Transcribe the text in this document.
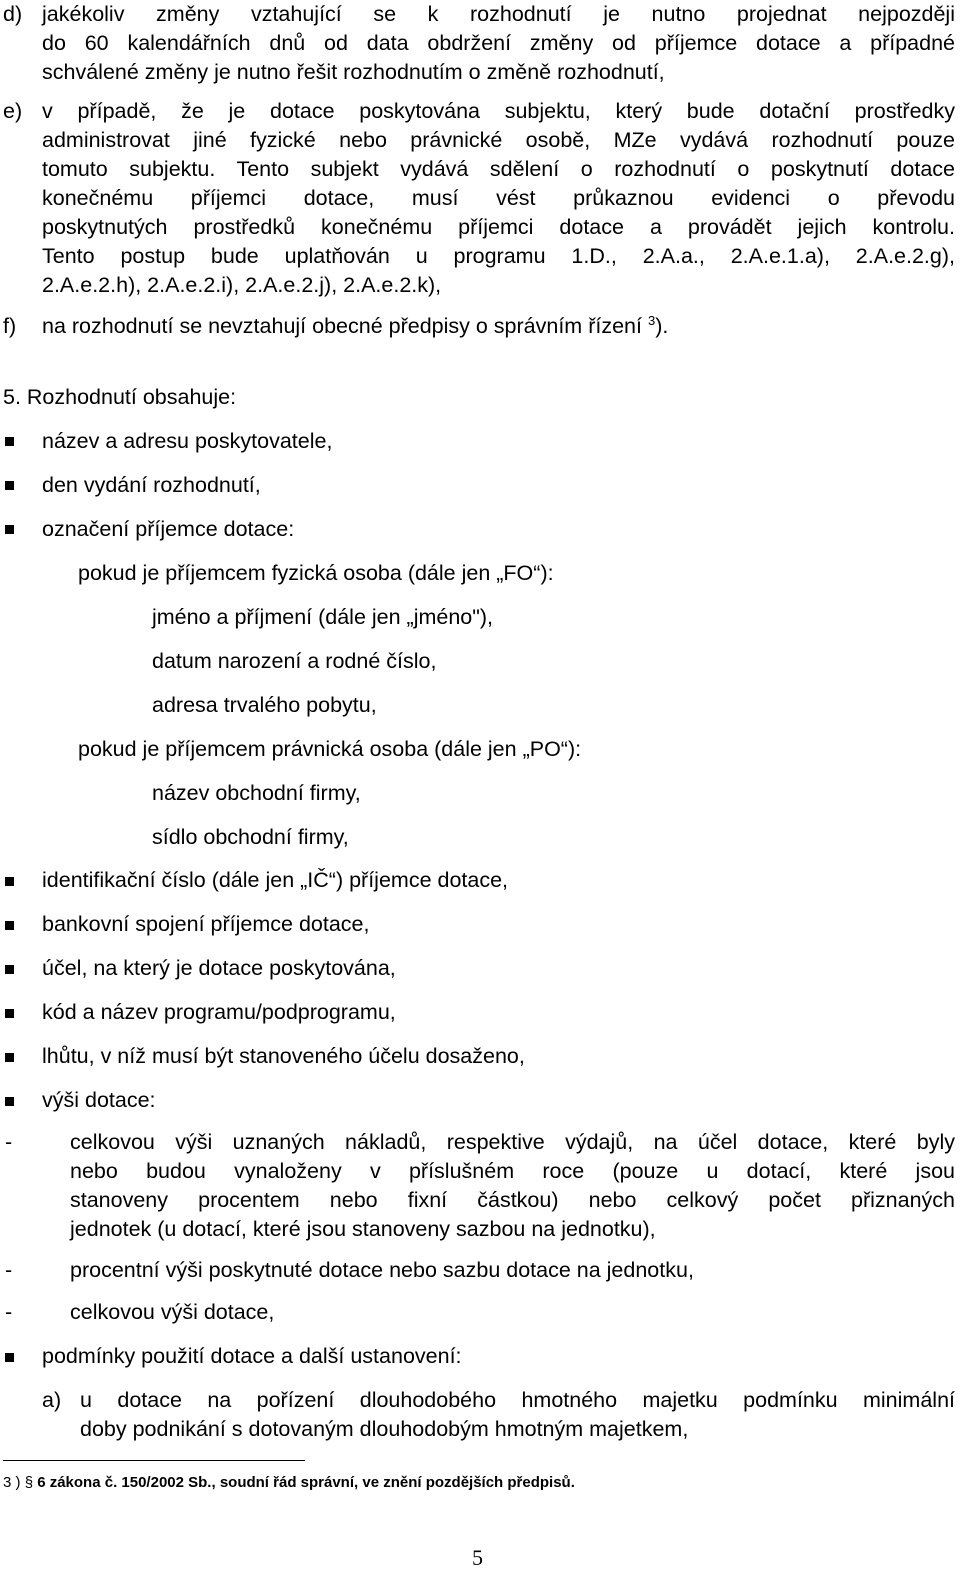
d) jakékoliv změny vztahující se k rozhodnutí je nutno projednat nejpozději
do 60 kalendářních dnů od data obdržení změny od příjemce dotace a případné
schválené změny je nutno řešit rozhodnutím o změně rozhodnutí,
e) v případě, že je dotace poskytována subjektu, který bude dotační prostředky
administrovat jiné fyzické nebo právnické osobě, MZe vydává rozhodnutí pouze
tomuto subjektu. Tento subjekt vydává sdělení o rozhodnutí o poskytnutí dotace
konečnému příjemci dotace, musí vést průkaznou evidenci o převodu
poskytnutých prostředků konečnému příjemci dotace a provádět jejich kontrolu.
Tento postup bude uplatňován u programu 1.D., 2.A.a., 2.A.e.1.a), 2.A.e.2.g),
2.A.e.2.h), 2.A.e.2.i), 2.A.e.2.j), 2.A.e.2.k),
f) na rozhodnutí se nevztahují obecné předpisy o správním řízení $^3$).
5. Rozhodnutí obsahuje:
název a adresu poskytovatele,
den vydání rozhodnutí,
označení příjemce dotace:
pokud je příjemcem fyzická osoba (dále jen „FO“):
jméno a příjmení (dále jen „jméno"),
datum narození a rodné číslo,
adresa trvalého pobytu,
pokud je příjemcem právnická osoba (dále jen „PO“):
název obchodní firmy,
sídlo obchodní firmy,
identifikační číslo (dále jen „IČ“) příjemce dotace,
bankovní spojení příjemce dotace,
účel, na který je dotace poskytována,
kód a název programu/podprogramu,
lhůtu, v níž musí být stanoveného účelu dosaženo,
výši dotace:
-	celkovou výši uznaných nákladů, respektive výdajů, na účel dotace, které byly
nebo budou vynaloženy v příslušném roce (pouze u dotací, které jsou
stanoveny procentem nebo fixní částkou) nebo celkový počet přiznaných
jednotek (u dotací, které jsou stanoveny sazbou na jednotku),
-	procentní výši poskytnuté dotace nebo sazbu dotace na jednotku,
-	celkovou výši dotace,
podmínky použití dotace a další ustanovení:
a) u dotace na pořízení dlouhodobého hmotného majetku podmínku minimální
doby podnikání s dotovaným dlouhodobým hmotným majetkem,
3 ) § 6 zákona č. 150/2002 Sb., soudní řád správní, ve znění pozdějších předpisů.
5
